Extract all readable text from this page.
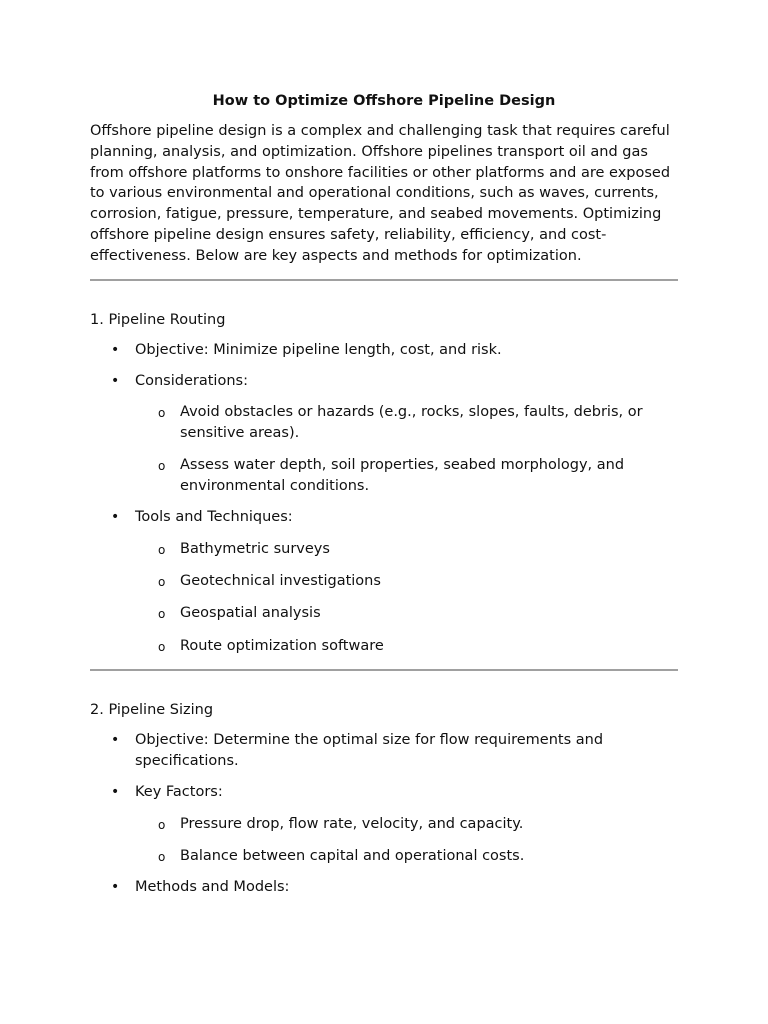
How to Optimize Offshore Pipeline Design

Offshore pipeline design is a complex and challenging task that requires careful planning, analysis, and optimization. Offshore pipelines transport oil and gas from offshore platforms to onshore facilities or other platforms and are exposed to various environmental and operational conditions, such as waves, currents, corrosion, fatigue, pressure, temperature, and seabed movements. Optimizing offshore pipeline design ensures safety, reliability, efficiency, and cost-effectiveness. Below are key aspects and methods for optimization.

1. Pipeline Routing
• Objective: Minimize pipeline length, cost, and risk.
• Considerations:
o Avoid obstacles or hazards (e.g., rocks, slopes, faults, debris, or sensitive areas).
o Assess water depth, soil properties, seabed morphology, and environmental conditions.
• Tools and Techniques:
o Bathymetric surveys
o Geotechnical investigations
o Geospatial analysis
o Route optimization software
2. Pipeline Sizing
• Objective: Determine the optimal size for flow requirements and specifications.
• Key Factors:
o Pressure drop, flow rate, velocity, and capacity.
o Balance between capital and operational costs.
• Methods and Models:
